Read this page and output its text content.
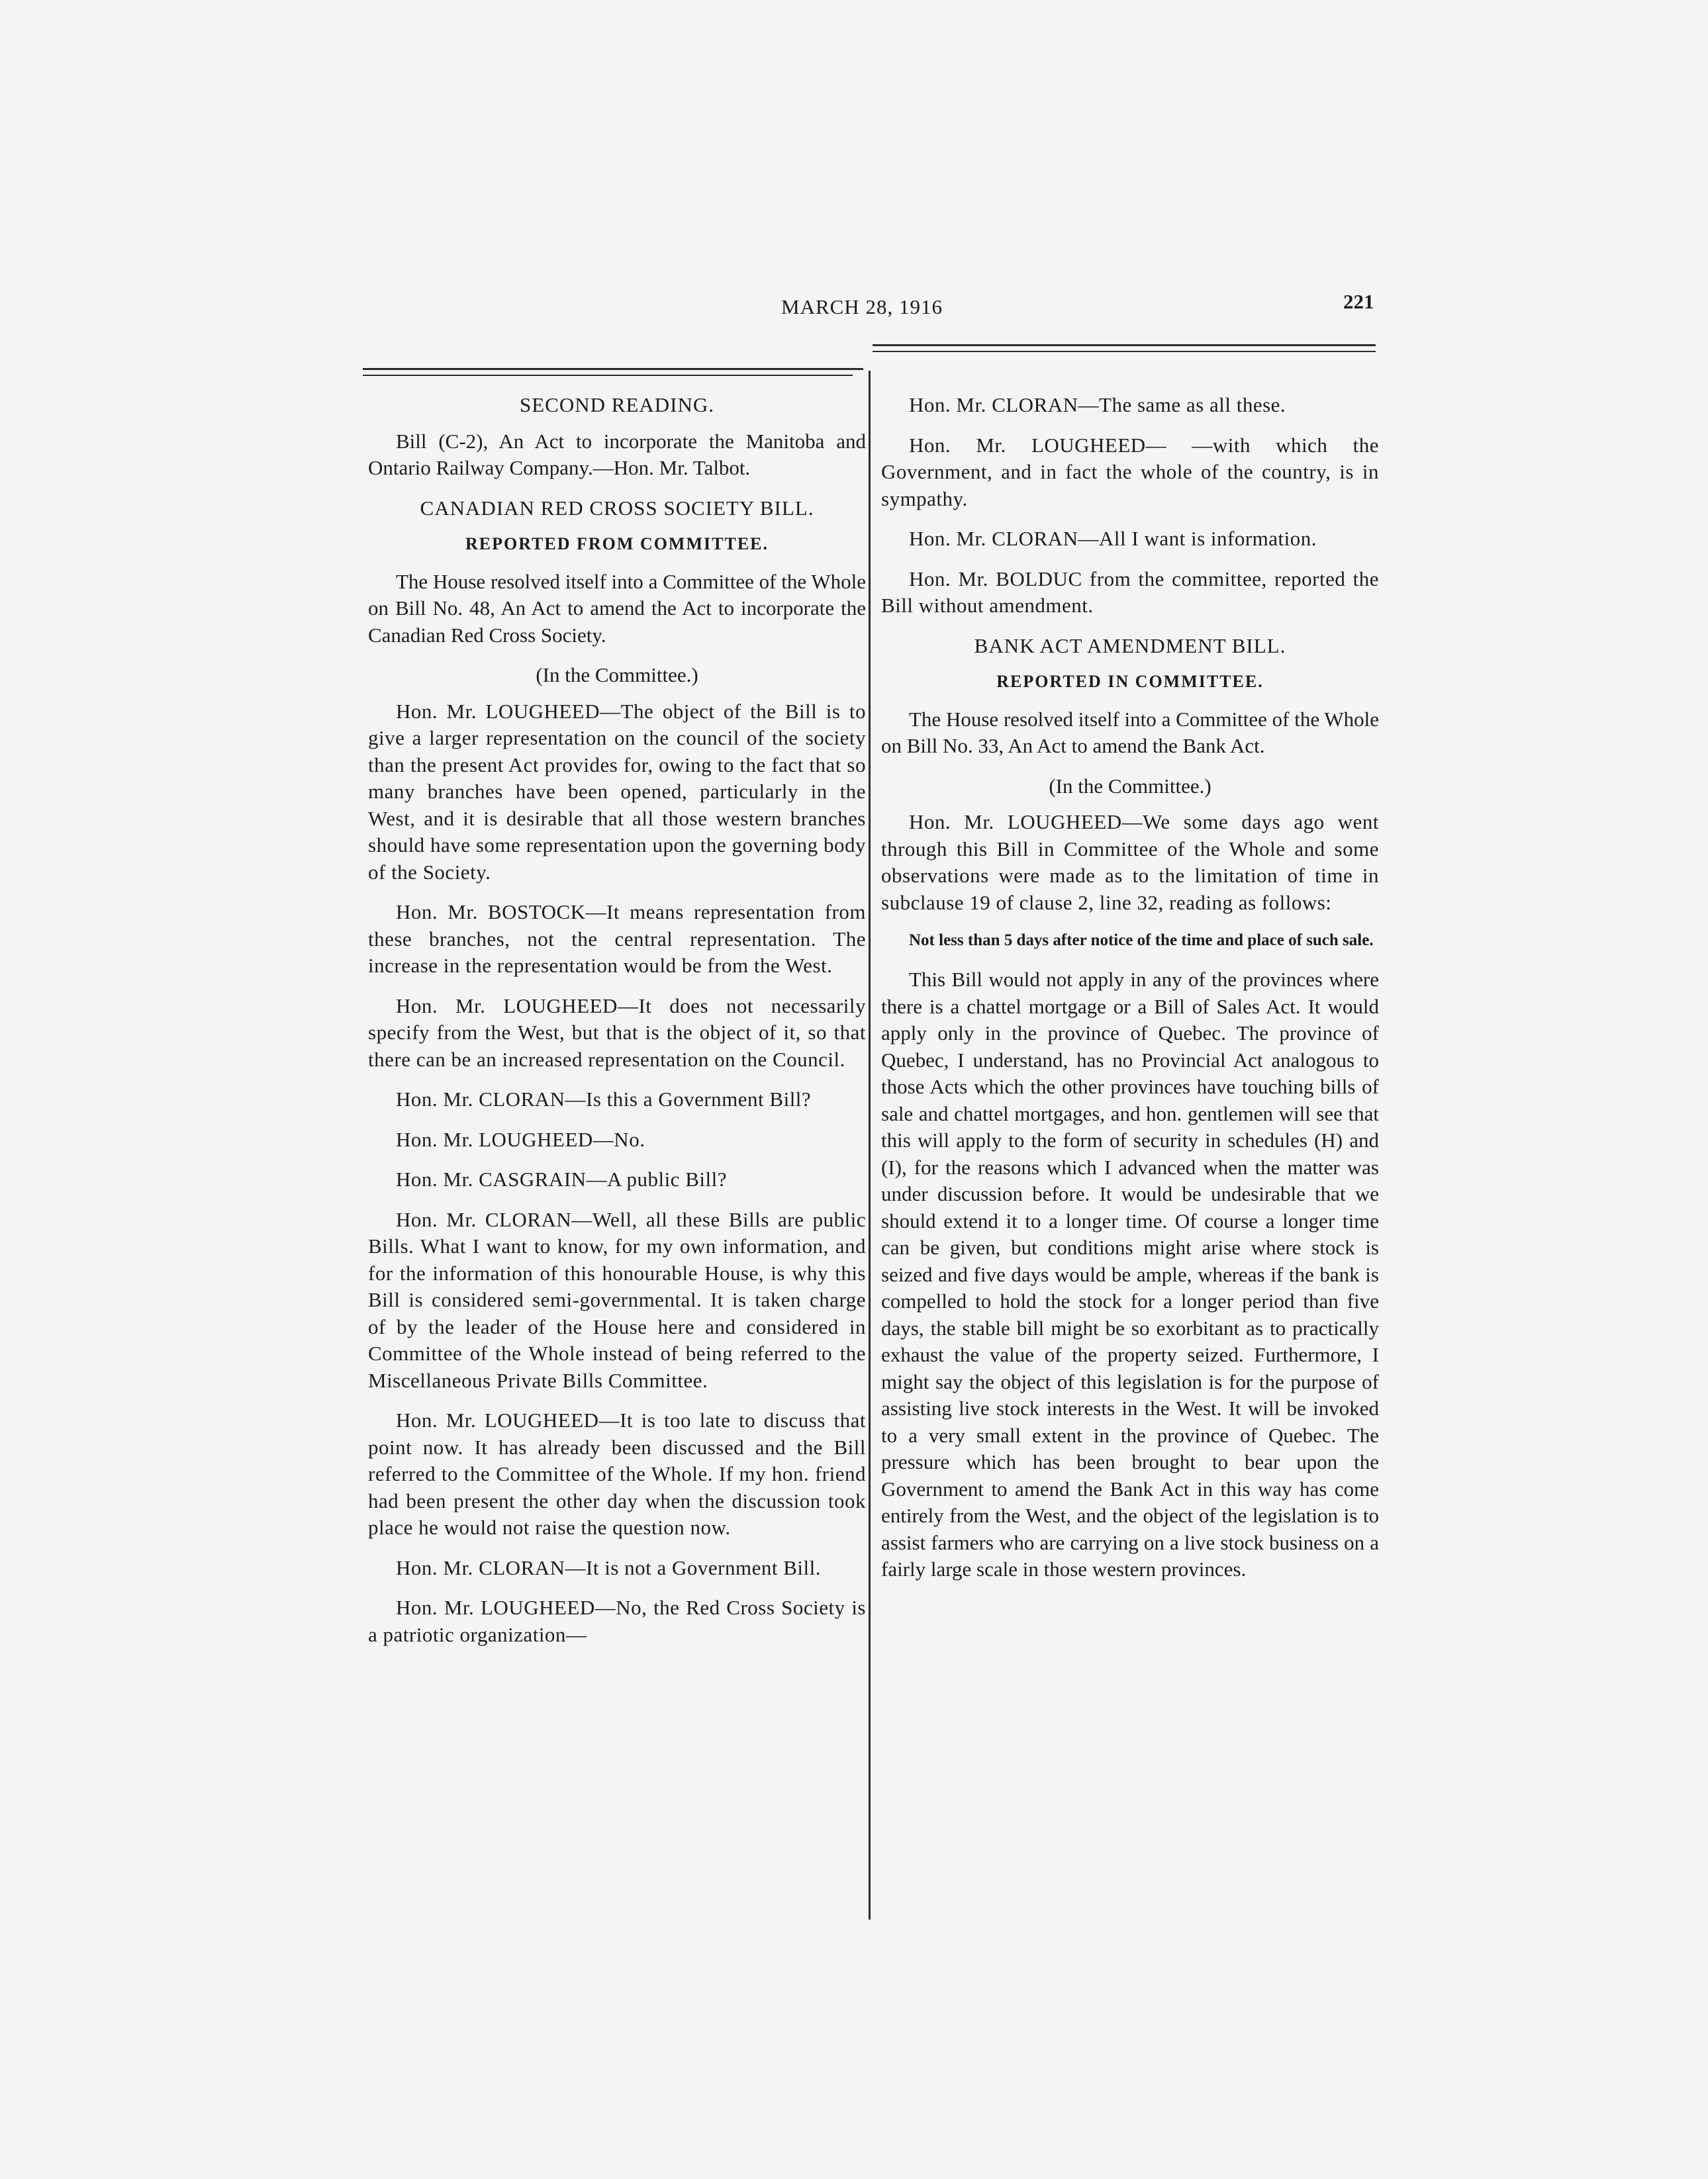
MARCH 28, 1916	221
SECOND READING.

Bill (C-2), An Act to incorporate the Manitoba and Ontario Railway Company.—Hon. Mr. Talbot.

CANADIAN RED CROSS SOCIETY BILL.
REPORTED FROM COMMITTEE.

The House resolved itself into a Committee of the Whole on Bill No. 48, An Act to amend the Act to incorporate the Canadian Red Cross Society.

(In the Committee.)

Hon. Mr. LOUGHEED—The object of the Bill is to give a larger representation on the council of the society than the present Act provides for, owing to the fact that so many branches have been opened, particularly in the West, and it is desirable that all those western branches should have some representation upon the governing body of the Society.

Hon. Mr. BOSTOCK—It means representation from these branches, not the central representation. The increase in the representation would be from the West.

Hon. Mr. LOUGHEED—It does not necessarily specify from the West, but that is the object of it, so that there can be an increased representation on the Council.

Hon. Mr. CLORAN—Is this a Government Bill?

Hon. Mr. LOUGHEED—No.

Hon. Mr. CASGRAIN—A public Bill?

Hon. Mr. CLORAN—Well, all these Bills are public Bills. What I want to know, for my own information, and for the information of this honourable House, is why this Bill is considered semi-governmental. It is taken charge of by the leader of the House here and considered in Committee of the Whole instead of being referred to the Miscellaneous Private Bills Committee.

Hon. Mr. LOUGHEED—It is too late to discuss that point now. It has already been discussed and the Bill referred to the Committee of the Whole. If my hon. friend had been present the other day when the discussion took place he would not raise the question now.

Hon. Mr. CLORAN—It is not a Government Bill.

Hon. Mr. LOUGHEED—No, the Red Cross Society is a patriotic organization—

Hon. Mr. CLORAN—The same as all these.

Hon. Mr. LOUGHEED— —with which the Government, and in fact the whole of the country, is in sympathy.

Hon. Mr. CLORAN—All I want is information.

Hon. Mr. BOLDUC from the committee, reported the Bill without amendment.

BANK ACT AMENDMENT BILL.
REPORTED IN COMMITTEE.

The House resolved itself into a Committee of the Whole on Bill No. 33, An Act to amend the Bank Act.

(In the Committee.)

Hon. Mr. LOUGHEED—We some days ago went through this Bill in Committee of the Whole and some observations were made as to the limitation of time in subclause 19 of clause 2, line 32, reading as follows:

Not less than 5 days after notice of the time and place of such sale.

This Bill would not apply in any of the provinces where there is a chattel mortgage or a Bill of Sales Act. It would apply only in the province of Quebec. The province of Quebec, I understand, has no Provincial Act analogous to those Acts which the other provinces have touching bills of sale and chattel mortgages, and hon. gentlemen will see that this will apply to the form of security in schedules (H) and (I), for the reasons which I advanced when the matter was under discussion before. It would be undesirable that we should extend it to a longer time. Of course a longer time can be given, but conditions might arise where stock is seized and five days would be ample, whereas if the bank is compelled to hold the stock for a longer period than five days, the stable bill might be so exorbitant as to practically exhaust the value of the property seized. Furthermore, I might say the object of this legislation is for the purpose of assisting live stock interests in the West. It will be invoked to a very small extent in the province of Quebec. The pressure which has been brought to bear upon the Government to amend the Bank Act in this way has come entirely from the West, and the object of the legislation is to assist farmers who are carrying on a live stock business on a fairly large scale in those western provinces.
